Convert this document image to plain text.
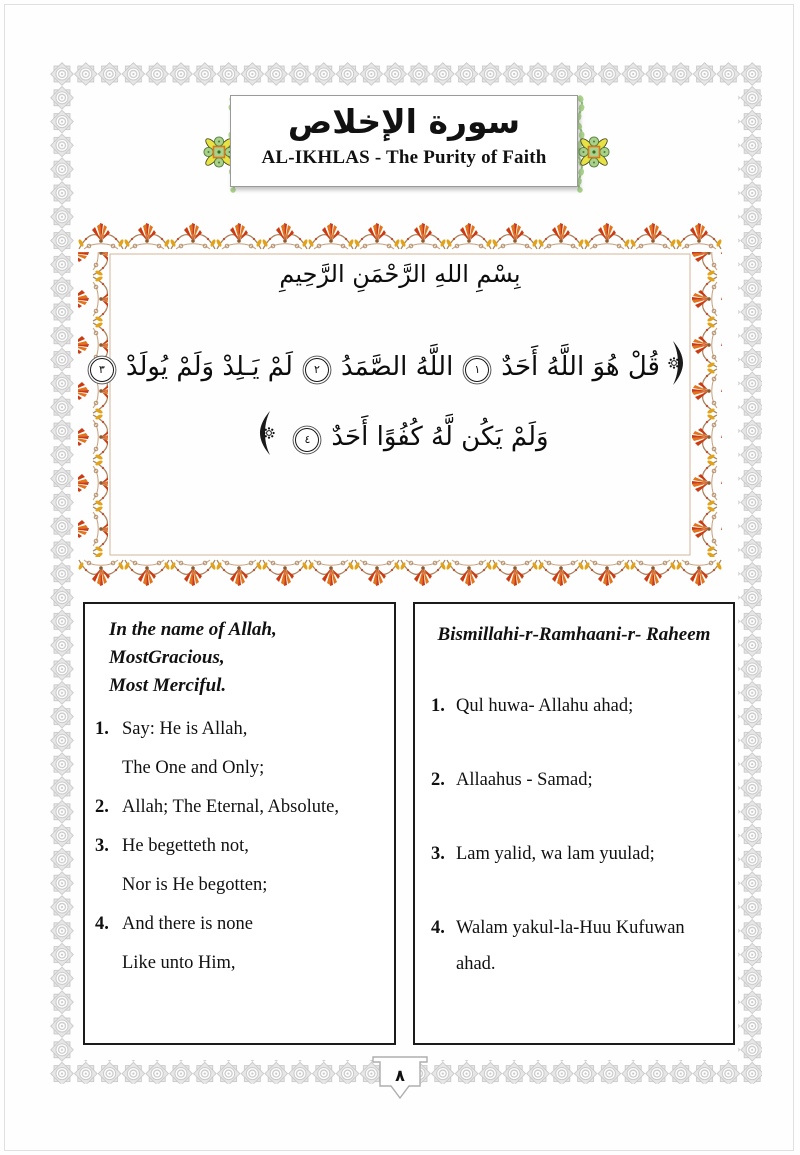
٨
سورة الإخلاص
AL-IKHLAS - The Purity of Faith
بِسْمِ اللهِ الرَّحْمَنِ الرَّحِيمِ
قُلْ هُوَ اللَّهُ أَحَدٌ
١
اللَّهُ الصَّمَدُ
٢
لَمْ يَـلِدْ وَلَمْ يُولَدْ
٣
وَلَمْ يَكُن لَّهُ كُفُوًا أَحَدٌ
٤
In the name of Allah, MostGracious,
Most Merciful.
1. Say: He is Allah,
The One and Only;
2. Allah; The Eternal, Absolute,
3. He begetteth not,
Nor is He begotten;
4. And there is none
Like unto Him,
Bismillahi-r-Ramhaani-r- Raheem
1. Qul huwa- Allahu ahad;
2. Allaahus - Samad;
3. Lam yalid, wa lam yuulad;
4. Walam yakul-la-Huu Kufuwan
ahad.
